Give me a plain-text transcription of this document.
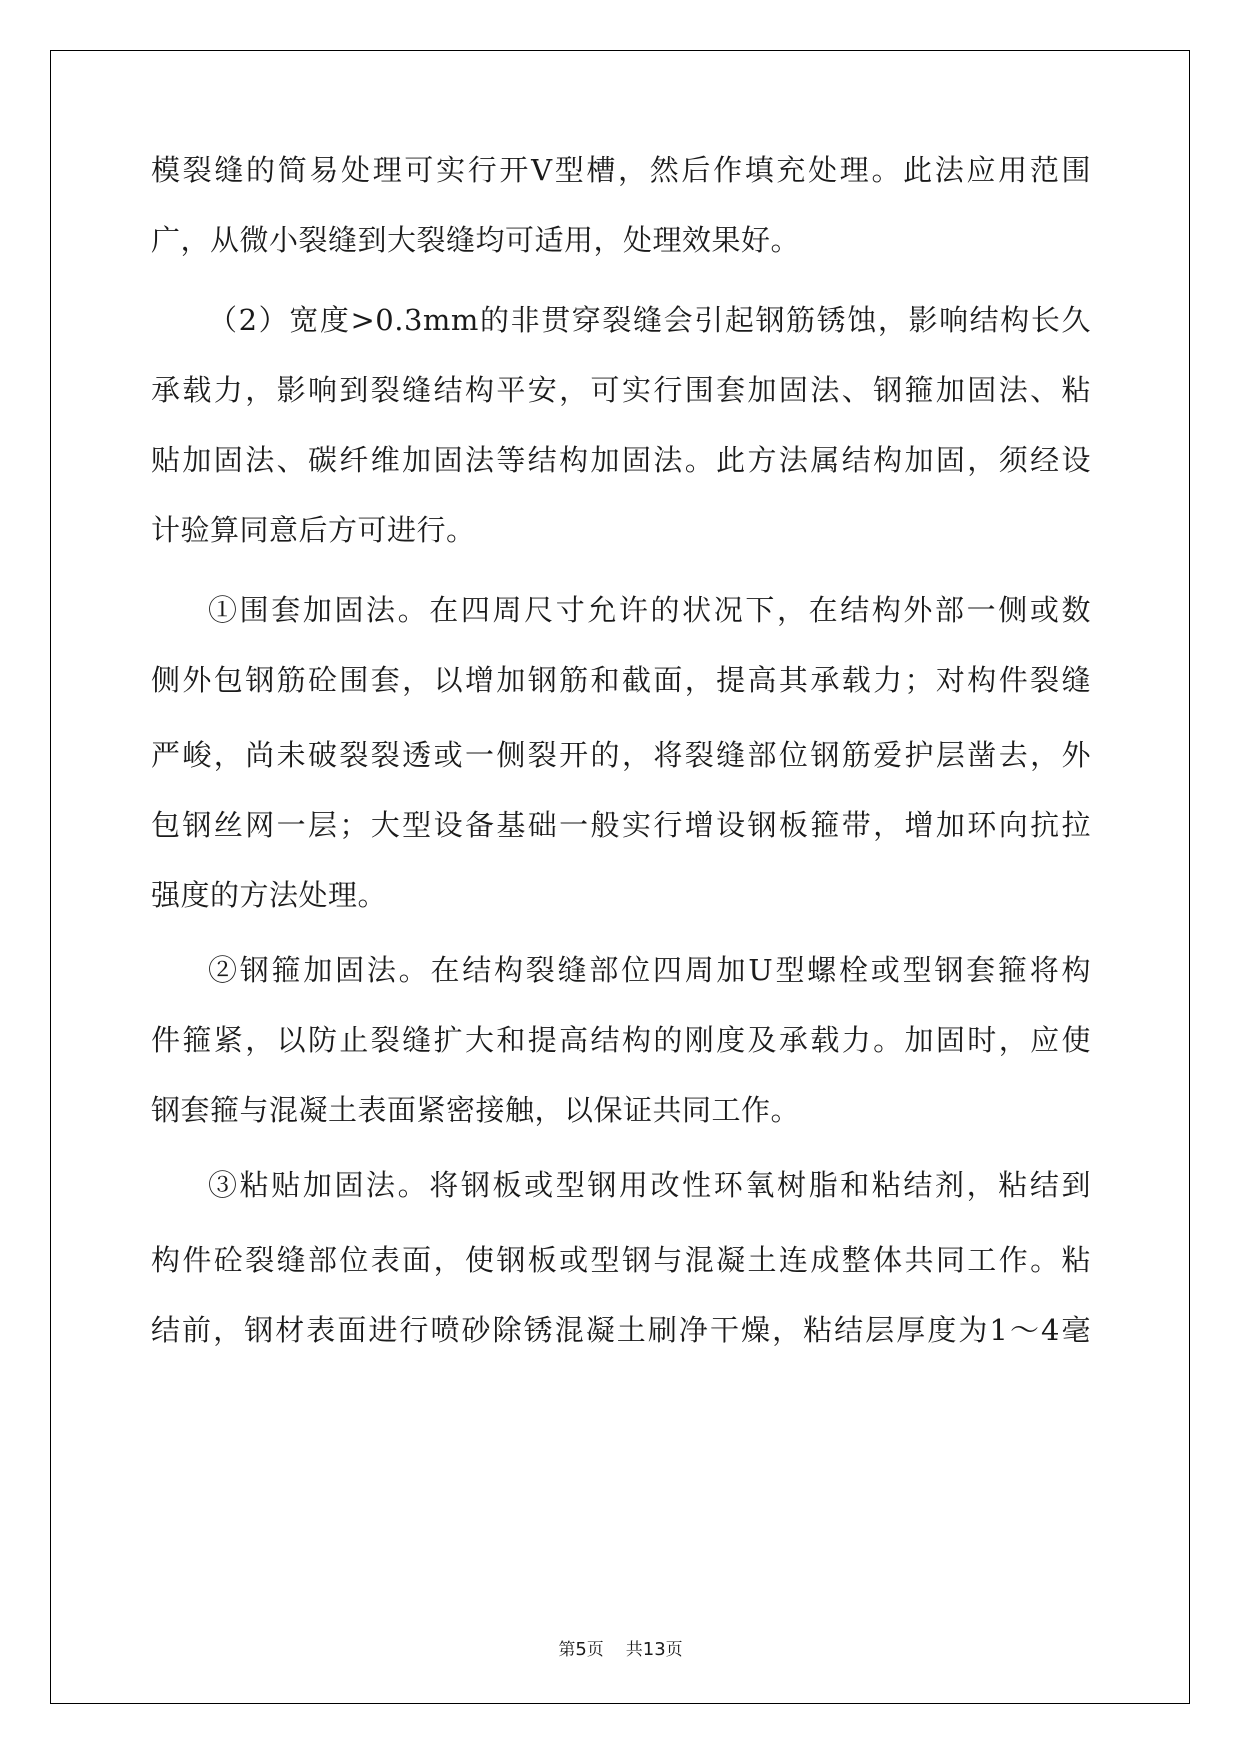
模裂缝的简易处理可实行开V型槽，然后作填充处理。此法应用范围
广，从微小裂缝到大裂缝均可适用，处理效果好。
（2）宽度>0.3mm的非贯穿裂缝会引起钢筋锈蚀，影响结构长久
承载力，影响到裂缝结构平安，可实行围套加固法、钢箍加固法、粘
贴加固法、碳纤维加固法等结构加固法。此方法属结构加固，须经设
计验算同意后方可进行。
①围套加固法。在四周尺寸允许的状况下，在结构外部一侧或数
侧外包钢筋砼围套，以增加钢筋和截面，提高其承载力；对构件裂缝
严峻，尚未破裂裂透或一侧裂开的，将裂缝部位钢筋爱护层凿去，外
包钢丝网一层；大型设备基础一般实行增设钢板箍带，增加环向抗拉
强度的方法处理。
②钢箍加固法。在结构裂缝部位四周加U型螺栓或型钢套箍将构
件箍紧，以防止裂缝扩大和提高结构的刚度及承载力。加固时，应使
钢套箍与混凝土表面紧密接触，以保证共同工作。
③粘贴加固法。将钢板或型钢用改性环氧树脂和粘结剂，粘结到
构件砼裂缝部位表面，使钢板或型钢与混凝土连成整体共同工作。粘
结前，钢材表面进行喷砂除锈混凝土刷净干燥，粘结层厚度为1～4毫
第5页 共13页
